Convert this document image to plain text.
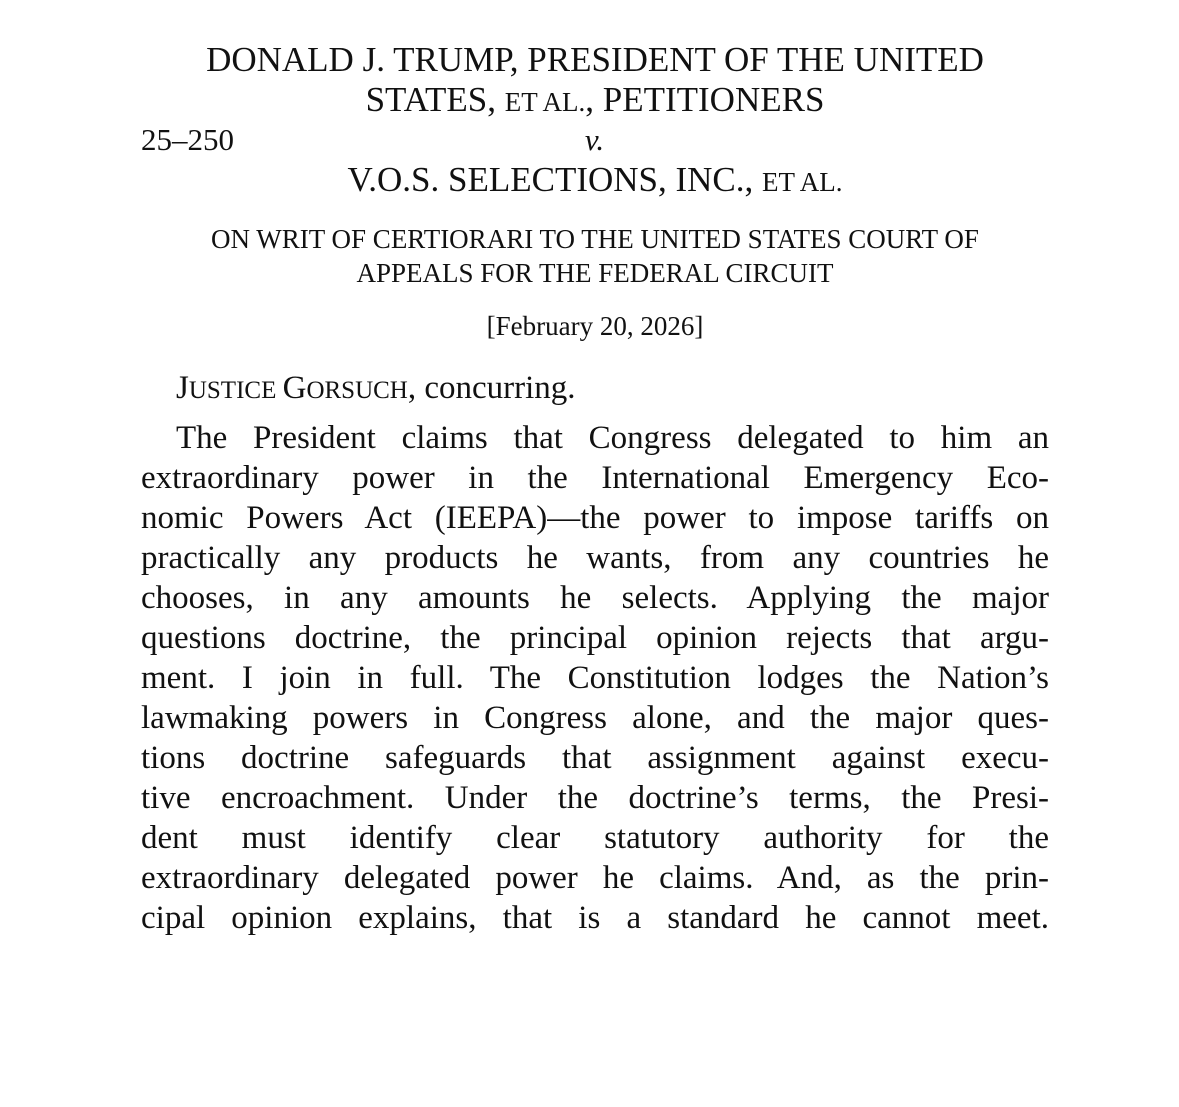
DONALD J. TRUMP, PRESIDENT OF THE UNITED
STATES, ET AL., PETITIONERS
25–250	v.
V.O.S. SELECTIONS, INC., ET AL.
ON WRIT OF CERTIORARI TO THE UNITED STATES COURT OF
APPEALS FOR THE FEDERAL CIRCUIT
[February 20, 2026]
JUSTICE GORSUCH, concurring.
The President claims that Congress delegated to him an
extraordinary power in the International Emergency Eco-
nomic Powers Act (IEEPA)—the power to impose tariffs on
practically any products he wants, from any countries he
chooses, in any amounts he selects. Applying the major
questions doctrine, the principal opinion rejects that argu-
ment. I join in full. The Constitution lodges the Nation’s
lawmaking powers in Congress alone, and the major ques-
tions doctrine safeguards that assignment against execu-
tive encroachment. Under the doctrine’s terms, the Presi-
dent must identify clear statutory authority for the
extraordinary delegated power he claims. And, as the prin-
cipal opinion explains, that is a standard he cannot meet.
